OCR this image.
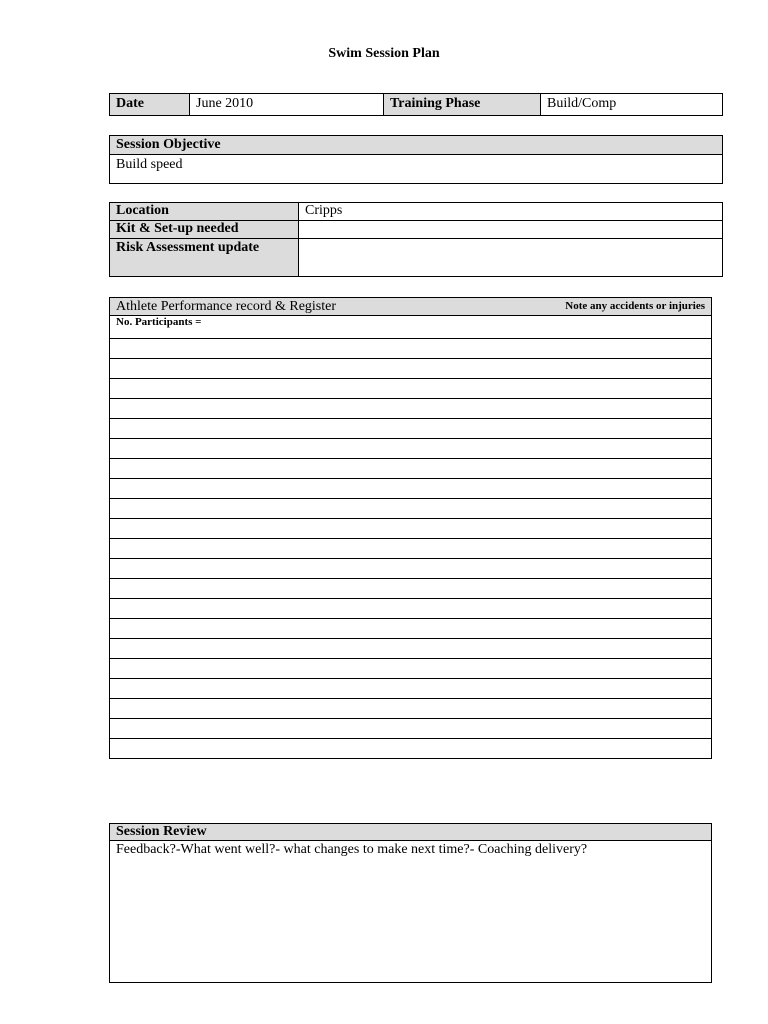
Swim Session Plan
Date	June 2010	Training Phase	Build/Comp
Session Objective
Build speed
Location	Cripps
Kit & Set-up needed	
Risk Assessment update	
Athlete Performance record & Register	Note any accidents or injuries

No. Participants =

Session Review
Feedback?-What went well?- what changes to make next time?- Coaching delivery?
